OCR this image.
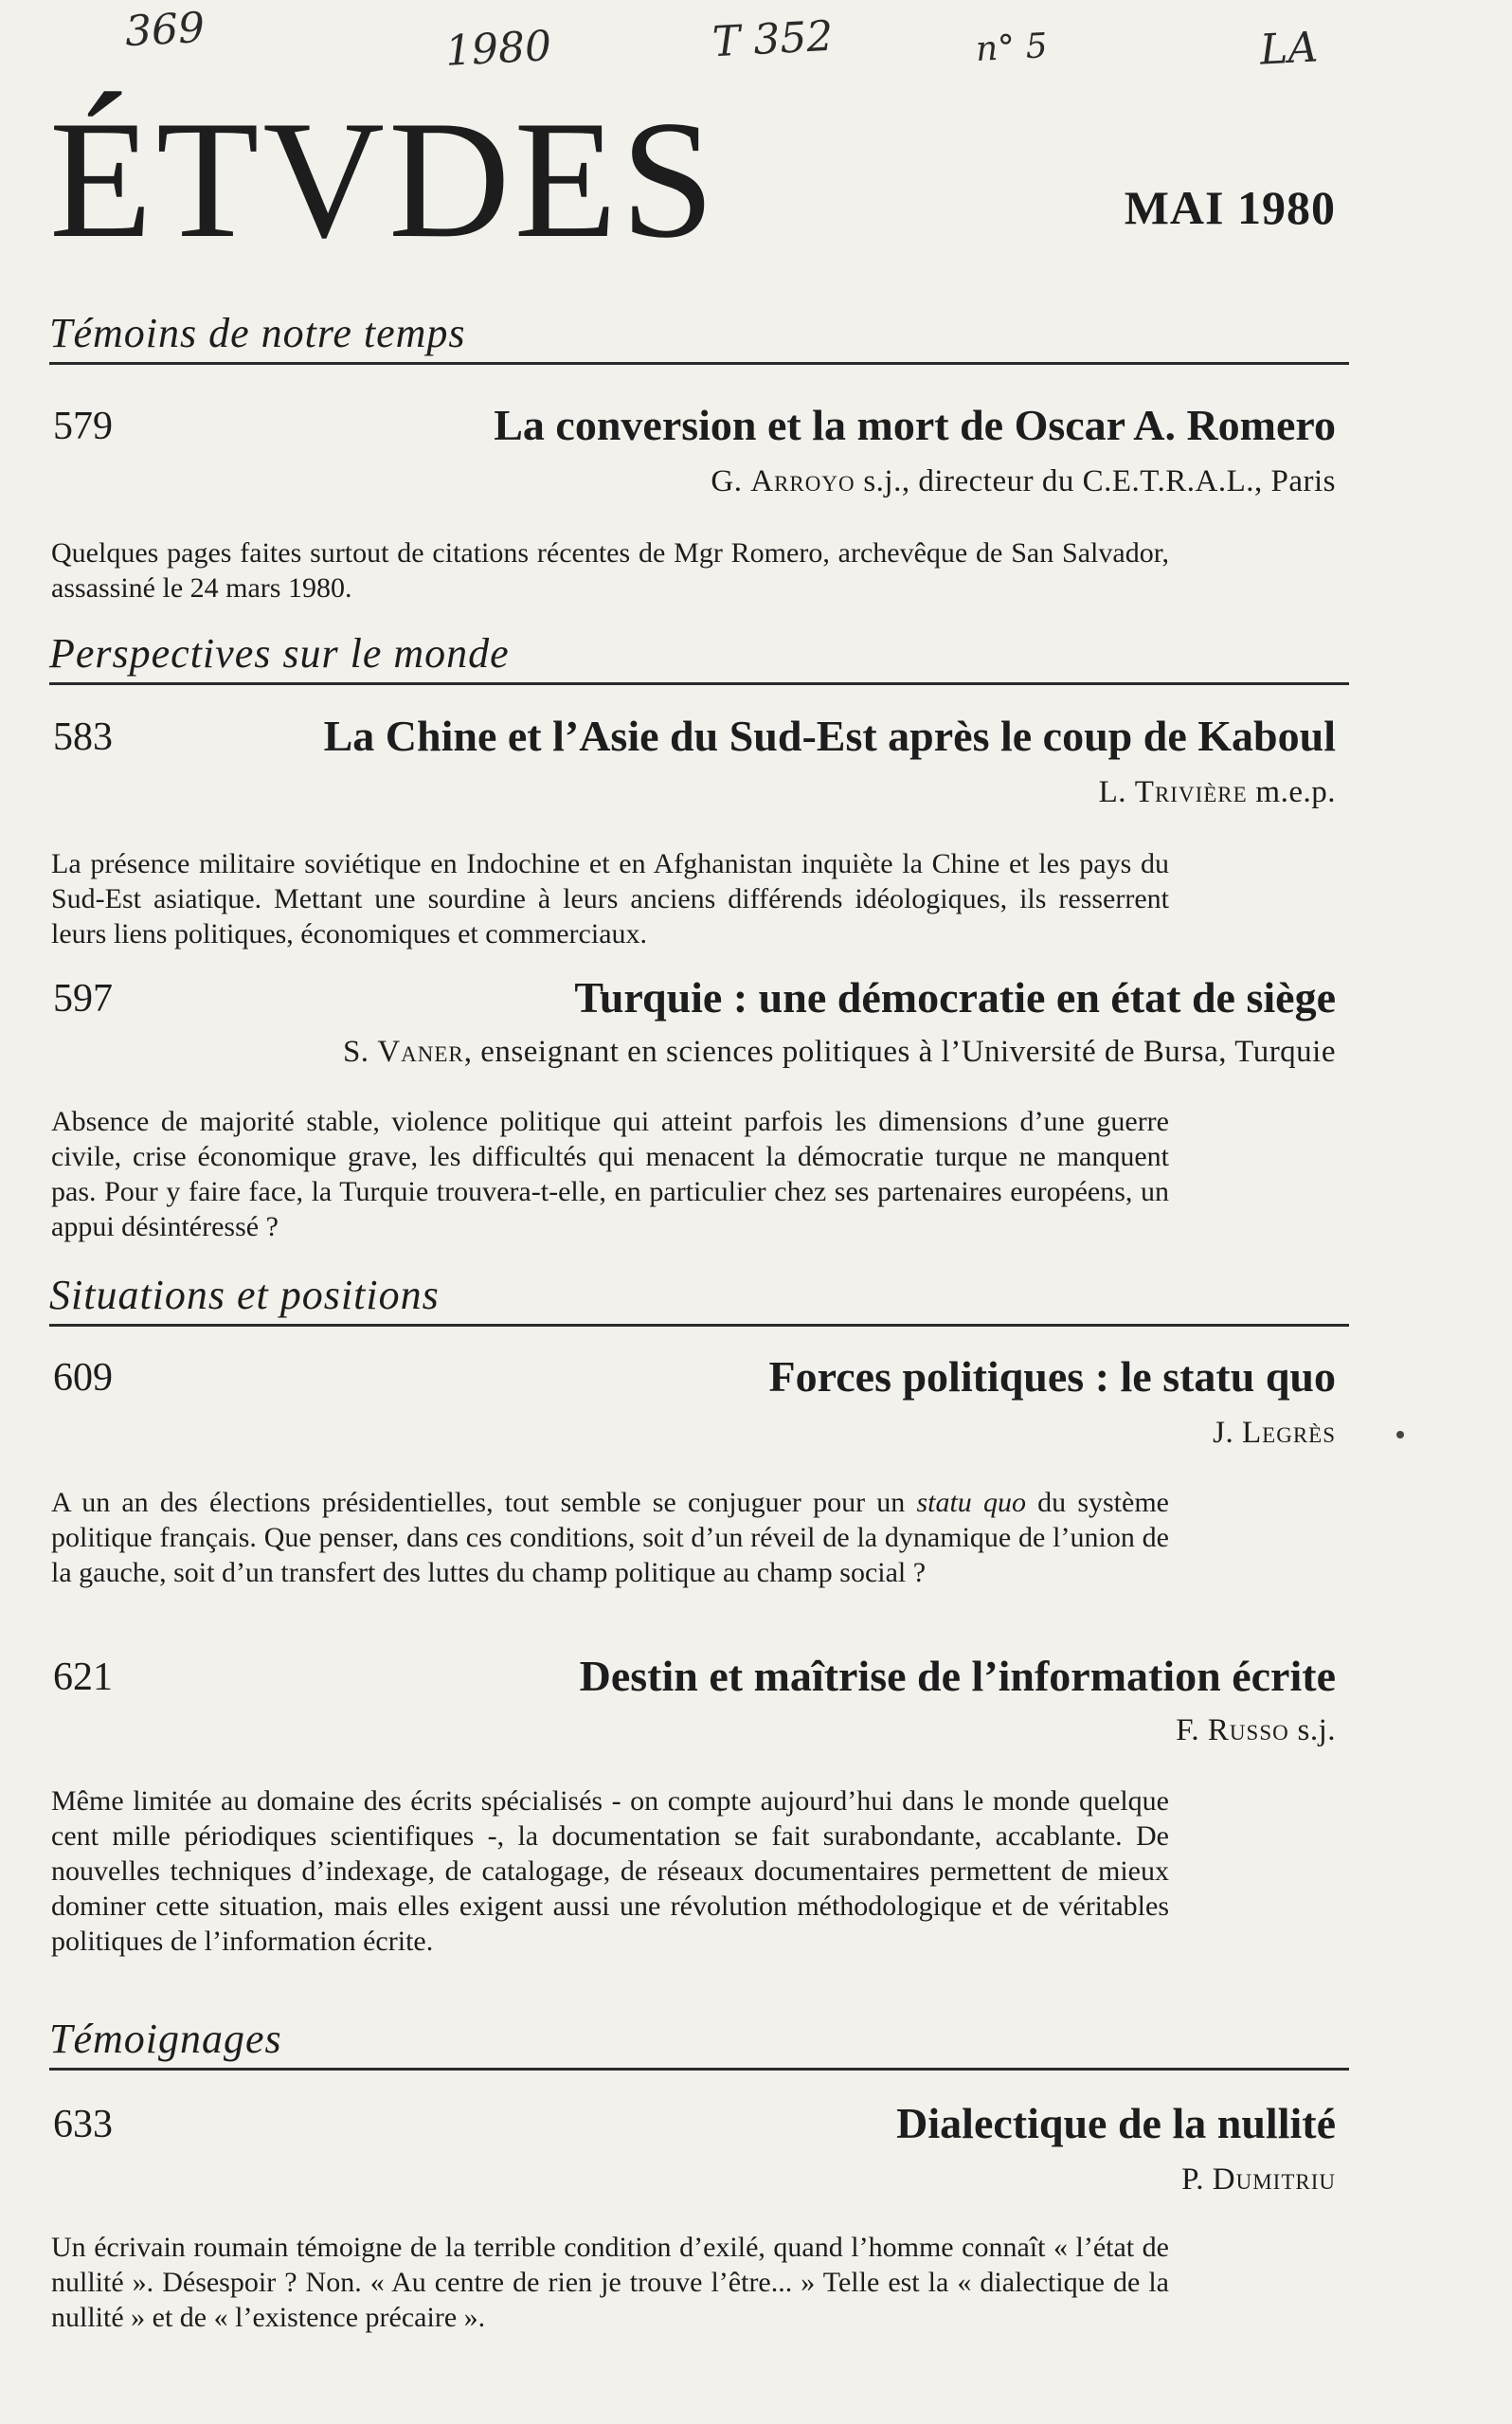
369	1980	T 352	n° 5	LA
ÉTVDES	MAI 1980
Témoins de notre temps
579	La conversion et la mort de Oscar A. Romero
G. Arroyo s.j., directeur du C.E.T.R.A.L., Paris

Quelques pages faites surtout de citations récentes de Mgr Romero, archevêque de San Salvador, assassiné le 24 mars 1980.

Perspectives sur le monde
583	La Chine et l’Asie du Sud-Est après le coup de Kaboul
L. Trivière m.e.p.

La présence militaire soviétique en Indochine et en Afghanistan inquiète la Chine et les pays du Sud-Est asiatique. Mettant une sourdine à leurs anciens différends idéologiques, ils resserrent leurs liens politiques, économiques et commerciaux.

597	Turquie : une démocratie en état de siège
S. Vaner, enseignant en sciences politiques à l’Université de Bursa, Turquie

Absence de majorité stable, violence politique qui atteint parfois les dimensions d’une guerre civile, crise économique grave, les difficultés qui menacent la démocratie turque ne manquent pas. Pour y faire face, la Turquie trouvera-t-elle, en particulier chez ses partenaires européens, un appui désintéressé ?

Situations et positions
609	Forces politiques : le statu quo
J. Legrès

A un an des élections présidentielles, tout semble se conjuguer pour un statu quo du système politique français. Que penser, dans ces conditions, soit d’un réveil de la dynamique de l’union de la gauche, soit d’un transfert des luttes du champ politique au champ social ?

621	Destin et maîtrise de l’information écrite
F. Russo s.j.

Même limitée au domaine des écrits spécialisés - on compte aujourd’hui dans le monde quelque cent mille périodiques scientifiques -, la documentation se fait surabondante, accablante. De nouvelles techniques d’indexage, de catalogage, de réseaux documentaires permettent de mieux dominer cette situation, mais elles exigent aussi une révolution méthodologique et de véritables politiques de l’information écrite.

Témoignages
633	Dialectique de la nullité
P. Dumitriu

Un écrivain roumain témoigne de la terrible condition d’exilé, quand l’homme connaît « l’état de nullité ». Désespoir ? Non. « Au centre de rien je trouve l’être... » Telle est la « dialectique de la nullité » et de « l’existence précaire ».
